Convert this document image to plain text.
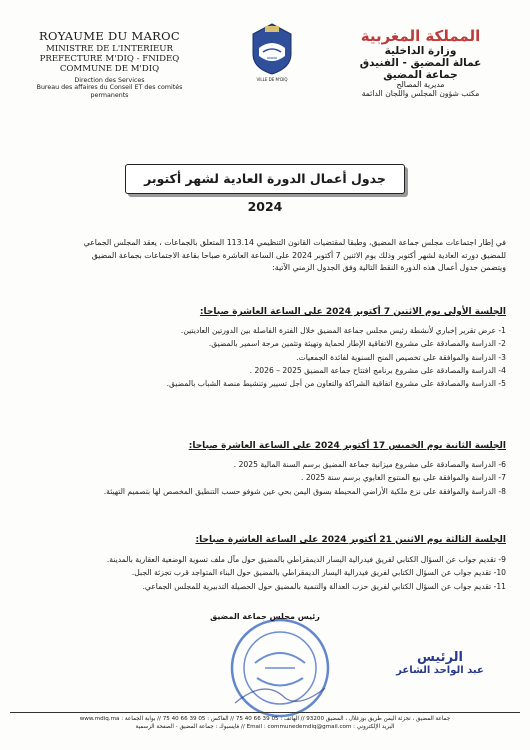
ROYAUME DU MAROC
MINISTRE DE L'INTERIEUR
PREFECTURE M'DIQ - FNIDEQ
COMMUNE DE M'DIQ
Direction des Services
Bureau des affaires du Conseil ET des comités
permanents
VILLE DE M'DIQ
المملكة المغربية
وزارة الداخلية
عمالة المضيق - الفنيدق
جماعة المضيق
مديرية المصالح
مكتب شؤون المجلس واللجان الدائمة
جدول أعمال الدورة العادية لشهر أكتوبر 2024
في إطار اجتماعات مجلس جماعة المضيق، وطبقا لمقتضيات القانون التنظيمي 113.14 المتعلق بالجماعات ، يعقد المجلس الجماعي
للمضيق دورته العادية لشهر أكتوبر وذلك يوم الاثنين 7 أكتوبر 2024 على الساعة العاشرة صباحا بقاعة الاجتماعات بجماعة المضيق
ويتضمن جدول أعمال هذه الدورة النقط التالية وفق الجدول الزمني الآتية:
الجلسة الأولى يوم الاثنين 7 أكتوبر 2024 على الساعة العاشرة صباحا:
1- عرض تقرير إخباري لأنشطة رئيس مجلس جماعة المضيق خلال الفترة الفاصلة بين الدورتين العاديتين.
2- الدراسة والمصادقة على مشروع الاتفاقية الإطار لحماية وتهيئة وتثمين مرجة اسمير بالمضيق.
3- الدراسة والموافقة على تخصيص المنح السنوية لفائدة الجمعيات.
4- الدراسة والمصادقة على مشروع برنامج افتتاح جماعة المضيق 2025 – 2026 .
5- الدراسة والمصادقة على مشروع اتفاقية الشراكة والتعاون من أجل تسيير وتنشيط منصة الشباب بالمضيق.
الجلسة الثانية يوم الخميس 17 أكتوبر 2024 على الساعة العاشرة صباحا:
6- الدراسة والمصادقة على مشروع ميزانية جماعة المضيق برسم السنة المالية 2025 .
7- الدراسة والموافقة على بيع المنتوج الغابوي برسم سنة 2025 .
8- الدراسة والموافقة على نزع ملكية الأراضي المحيطة بسوق اليمن بحي عين شوفو حسب التنطيق المخصص لها بتصميم التهيئة.
الجلسة الثالثة يوم الاثنين 21 أكتوبر 2024 على الساعة العاشرة صباحا:
9- تقديم جواب عن السؤال الكتابي لفريق فيدرالية اليسار الديمقراطي بالمضيق حول مآل ملف تسوية الوضعية العقارية بالمدينة.
10- تقديم جواب عن السؤال الكتابي لفريق فيدرالية اليسار الديمقراطي بالمضيق حول البناء المتواجد قرب تجزئة الجبل.
11- تقديم جواب عن السؤال الكتابي لفريق حزب العدالة والتنمية بالمضيق حول الحصيلة التدبيرية للمجلس الجماعي.
رئيس مجلس جماعة المضيق
الرئيس
عبد الواحد الشاعر
جماعة المضيق ، تجزئة اليمن طريق بوزغلال ، المضيق 93200 // الهاتف : 05 39 66 40 75 // الفاكس : 05 39 66 40 75 // بوابة الجماعة : www.mdiq.ma
البريد الإلكتروني : Email : communedemdiq@gmail.com // فايسبوك : جماعة المضيق - الصفحة الرسمية
